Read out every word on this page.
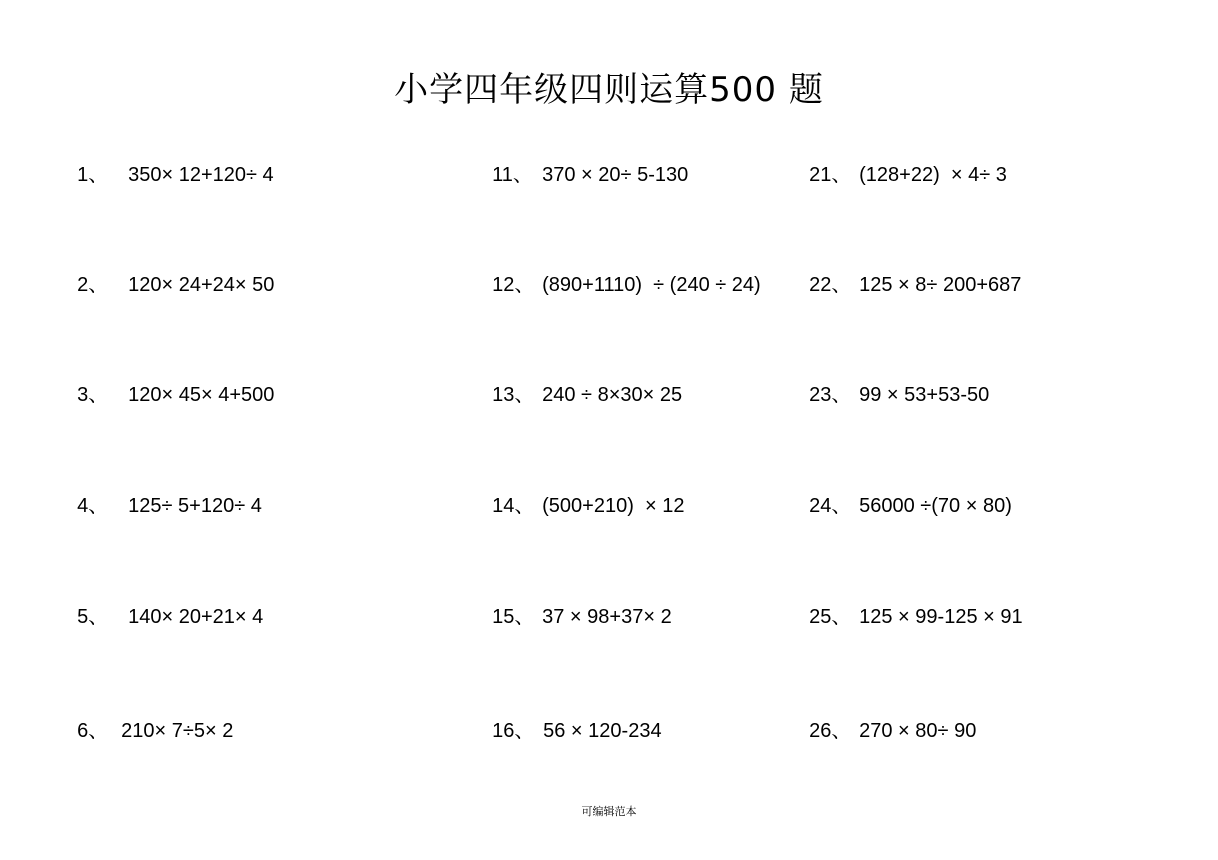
小学四年级四则运算500 题

1、 350× 12+120÷ 4

2、 120× 24+24× 50

3、 120× 45× 4+500

4、 125÷ 5+120÷ 4

5、 140× 20+21× 4

6、 210× 7÷5× 2

11、 370 × 20÷ 5-130

12、 (890+1110)  ÷ (240 ÷ 24)

13、 240 ÷ 8×30× 25

14、 (500+210)  × 12

15、 37 × 98+37× 2

16、 56 × 120-234

21、 (128+22)  × 4÷ 3

22、 125 × 8÷ 200+687

23、 99 × 53+53-50

24、 56000 ÷(70 × 80)

25、 125 × 99-125 × 91

26、 270 × 80÷ 90

可编辑范本
